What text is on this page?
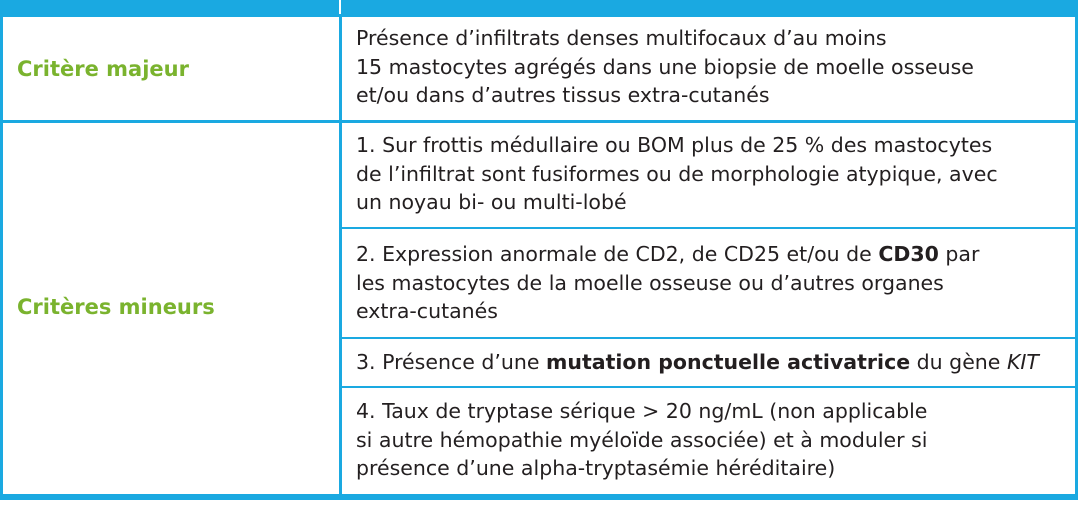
Critère majeur
Présence d’infiltrats denses multifocaux d’au moins
15 mastocytes agrégés dans une biopsie de moelle osseuse
et/ou dans d’autres tissus extra-cutanés
Critères mineurs
1. Sur frottis médullaire ou BOM plus de 25 % des mastocytes
de l’infiltrat sont fusiformes ou de morphologie atypique, avec
un noyau bi- ou multi-lobé
2. Expression anormale de CD2, de CD25 et/ou de CD30 par
les mastocytes de la moelle osseuse ou d’autres organes
extra-cutanés
3. Présence d’une mutation ponctuelle activatrice du gène KIT
4. Taux de tryptase sérique > 20 ng/mL (non applicable
si autre hémopathie myéloïde associée) et à moduler si
présence d’une alpha-tryptasémie héréditaire)
